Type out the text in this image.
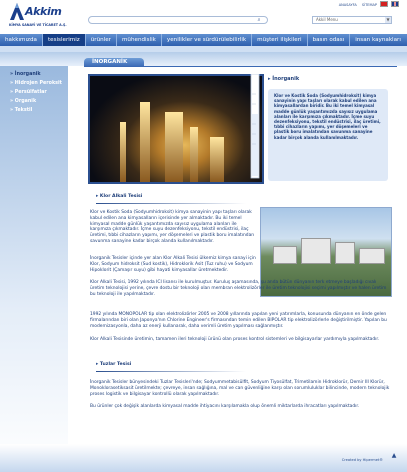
Akkim
KİMYA SANAYİ VE TİCARET A.Ş.
ANASAYFA SİTEMAP
⌕	Akkil Menu	▼
hakkımızda	tesislerimiz	ürünler	mühendislik	yenilikler ve sürdürülebilirlik	müşteri ilişkileri	basın odası	insan kaynakları
» İnorganik
» Hidrojen Peroksit
» Persülfatlar
» Organik
» Tekstil
İNORGANİK
▸ İnorganik

Klor ve Kostik Soda (Sodyumhidroksit) kimya sanayinin yapı taşları olarak kabul edilen ana kimyasallardan biridir. Bu iki temel kimyasal madde günlük yaşantımızda sayısız uygulama alanları ile karşımıza çıkmaktadır. İçme suyu dezenfeksiyonu, tekstil endüstrisi, ilaç üretimi, tıbbi cihazların yapımı, yer döşemeleri ve plastik boru imalatından savunma sanayine kadar birçok alanda kullanılmaktadır.

▸ Klor Alkali Tesisi

Klor ve Kostik Soda (Sodyumhidroksit) kimya sanayinin yapı taşları olarak kabul edilen ana kimyasalların içerisinde yer almaktadır. Bu iki temel kimyasal madde günlük yaşantımızda sayısız uygulama alanları ile karşımıza çıkmaktadır. İçme suyu dezenfeksiyonu, tekstil endüstrisi, ilaç üretimi, tıbbi cihazların yapımı, yer döşemeleri ve plastik boru imalatından savunma sanayine kadar birçok alanda kullanılmaktadır.

İnorganik Tesisler içinde yer alan Klor Alkali Tesisi ülkemiz kimya sanayi için Klor, Sodyum hidroksit (Sud kostik), Hidroklorik Asit (Tuz ruhu) ve Sodyum Hipoklorit (Çamaşır suyu) gibi hayati kimyasallar üretmektedir.

Klor Alkali Tesisi, 1992 yılında ICI lisansı ile kurulmuştur. Kuruluş aşamasında, şu anda bütün dünyanın terk etmeye başladığı cıvalı üretim teknolojisi yerine, çevre dostu bir teknoloji olan membran elektrolizörler ile üretim teknolojisi seçimi yapılmıştır ve halen üretim bu teknoloji ile yapılmaktadır.

1992 yılında MONOPOLAR tip olan elektrolizörler 2005 ve 2008 yıllarında yapılan yeni yatırımlarla, konusunda dünyanın en önde gelen firmalarından biri olan Japonya'nın Chlorine Engineer's firmasından temin edilen BIPOLAR tip elektrolizörlerle değiştirilmiştir. Yapılan bu modernizasyonla, daha az enerji kullanarak, daha verimli üretim yapılması sağlanmıştır.

Klor Alkali Tesisinde üretimin, tamamen ileri teknoloji ürünü olan proses kontrol sistemleri ve bilgisayarlar yardımıyla yapılmaktadır.

▸ Tuzlar Tesisi

İnorganik Tesisler bünyesindeki Tuzlar Tesisleri'nde; Sodyummetabisülfit, Sodyum Tiyosülfat, Trimetilamin Hidroklorür, Demir III Klorür, Monoklorasetiksasit üretilmekte; çevreye, insan sağlığına, mal ve can güvenliğine karşı olan sorumluluklar bilincinde, modern teknolojik proses logistik ve bilgisayar kontrollü olarak yapılmaktadır.

Bu ürünler çok değişik alanlarda kimyasal madde ihtiyacını karşılamakla olup önemli miktarlarda ihracatları yapılmaktadır.

Created by Hipermet®
▲
